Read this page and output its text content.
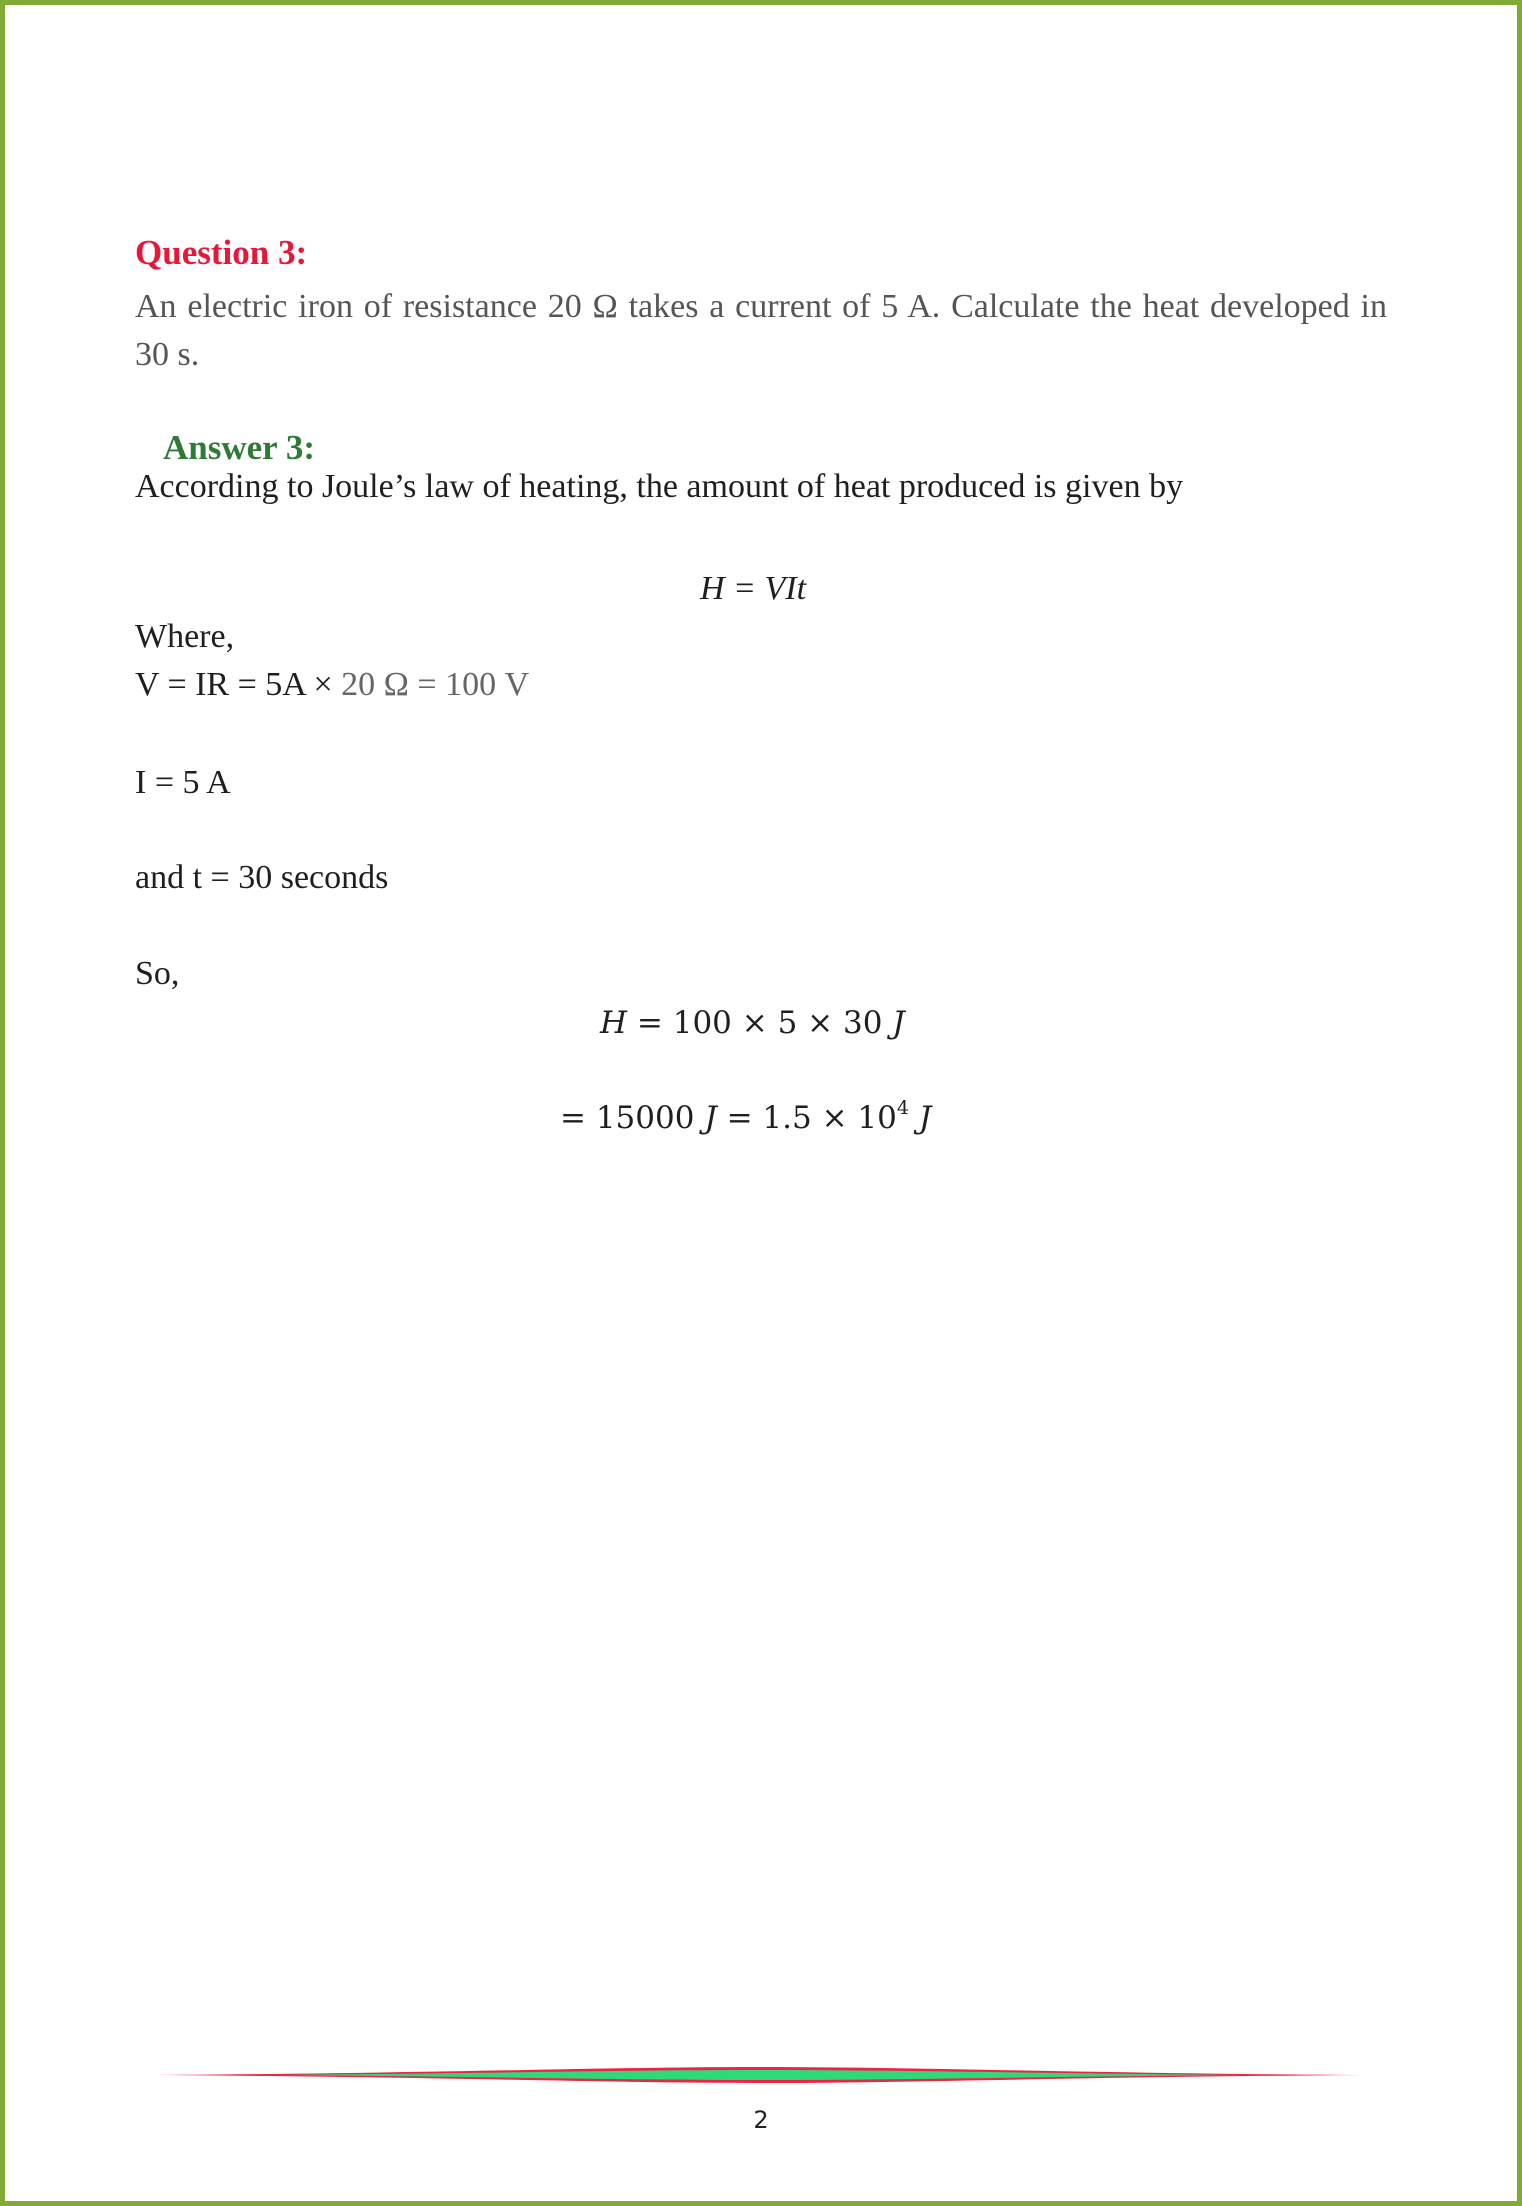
Question 3:
An electric iron of resistance 20 Ω takes a current of 5 A. Calculate the heat developed in 30 s.
Answer 3:
According to Joule’s law of heating, the amount of heat produced is given by
H = VIt
Where,
V = IR = 5A × 20 Ω = 100 V
I = 5 A
and t = 30 seconds
So,
H = 100 × 5 × 30 J
= 15000 $J = 1.5 \times 10^4$ J
2
